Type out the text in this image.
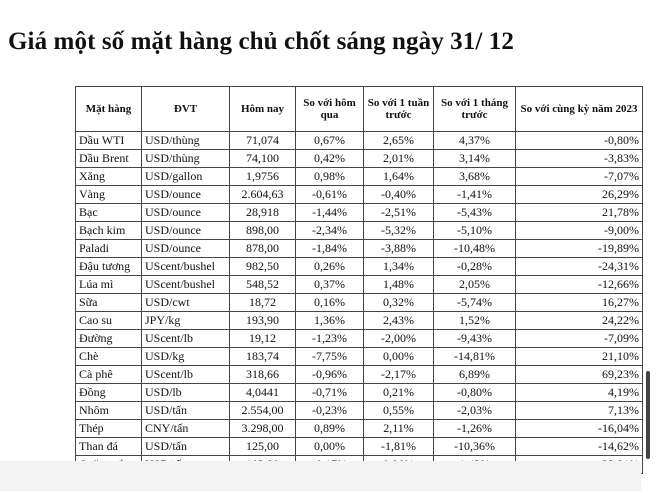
Giá một số mặt hàng chủ chốt sáng ngày 31/ 12
Mặt hàng	ĐVT	Hôm nay	So với hôm qua	So với 1 tuần trước	So với 1 tháng trước	So với cùng kỳ năm 2023
Dầu WTI	USD/thùng	71,074	0,67%	2,65%	4,37%	-0,80%
Dầu Brent	USD/thùng	74,100	0,42%	2,01%	3,14%	-3,83%
Xăng	USD/gallon	1,9756	0,98%	1,64%	3,68%	-7,07%
Vàng	USD/ounce	2.604,63	-0,61%	-0,40%	-1,41%	26,29%
Bạc	USD/ounce	28,918	-1,44%	-2,51%	-5,43%	21,78%
Bạch kim	USD/ounce	898,00	-2,34%	-5,32%	-5,10%	-9,00%
Paladi	USD/ounce	878,00	-1,84%	-3,88%	-10,48%	-19,89%
Đậu tương	UScent/bushel	982,50	0,26%	1,34%	-0,28%	-24,31%
Lúa mì	UScent/bushel	548,52	0,37%	1,48%	2,05%	-12,66%
Sữa	USD/cwt	18,72	0,16%	0,32%	-5,74%	16,27%
Cao su	JPY/kg	193,90	1,36%	2,43%	1,52%	24,22%
Đường	UScent/lb	19,12	-1,23%	-2,00%	-9,43%	-7,09%
Chè	USD/kg	183,74	-7,75%	0,00%	-14,81%	21,10%
Cà phê	UScent/lb	318,66	-0,96%	-2,17%	6,89%	69,23%
Đồng	USD/lb	4,0441	-0,71%	0,21%	-0,80%	4,19%
Nhôm	USD/tấn	2.554,00	-0,23%	0,55%	-2,03%	7,13%
Thép	CNY/tấn	3.298,00	0,89%	2,11%	-1,26%	-16,04%
Than đá	USD/tấn	125,00	0,00%	-1,81%	-10,36%	-14,62%
